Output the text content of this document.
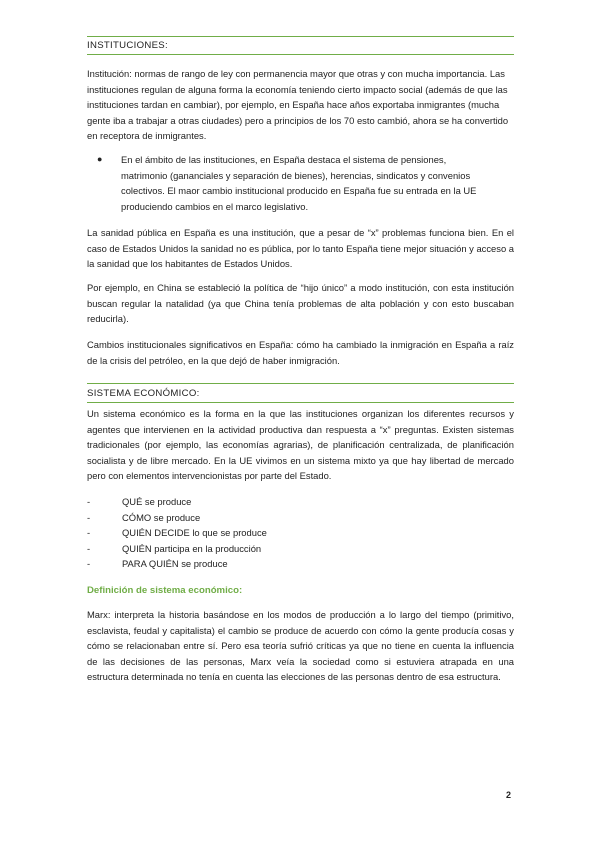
INSTITUCIONES:

Institución: normas de rango de ley con permanencia mayor que otras y con mucha importancia. Las instituciones regulan de alguna forma la economía teniendo cierto impacto social (además de que las instituciones tardan en cambiar), por ejemplo, en España hace años exportaba inmigrantes (mucha gente iba a trabajar a otras ciudades) pero a principios de los 70 esto cambió, ahora se ha convertido en receptora de inmigrantes.

● En el ámbito de las instituciones, en España destaca el sistema de pensiones, matrimonio (gananciales y separación de bienes), herencias, sindicatos y convenios colectivos. El maor cambio institucional producido en España fue su entrada en la UE produciendo cambios en el marco legislativo.

La sanidad pública en España es una institución, que a pesar de “x” problemas funciona bien. En el caso de Estados Unidos la sanidad no es pública, por lo tanto España tiene mejor situación y acceso a la sanidad que los habitantes de Estados Unidos.

Por ejemplo, en China se estableció la política de “hijo único” a modo institución, con esta institución buscan regular la natalidad (ya que China tenía problemas de alta población y con esto buscaban reducirla).

Cambios institucionales significativos en España: cómo ha cambiado la inmigración en España a raíz de la crisis del petróleo, en la que dejó de haber inmigración.

SISTEMA ECONÓMICO:

Un sistema económico es la forma en la que las instituciones organizan los diferentes recursos y agentes que intervienen en la actividad productiva dan respuesta a “x” preguntas. Existen sistemas tradicionales (por ejemplo, las economías agrarias), de planificación centralizada, de planificación socialista y de libre mercado. En la UE vivimos en un sistema mixto ya que hay libertad de mercado pero con elementos intervencionistas por parte del Estado.

-	QUÉ se produce
-	CÓMO se produce
-	QUIÉN DECIDE lo que se produce
-	QUIÉN participa en la producción
-	PARA QUIÉN se produce
Definición de sistema económico:

Marx: interpreta la historia basándose en los modos de producción a lo largo del tiempo (primitivo, esclavista, feudal y capitalista) el cambio se produce de acuerdo con cómo la gente producía cosas y cómo se relacionaban entre sí. Pero esa teoría sufrió críticas ya que no tiene en cuenta la influencia de las decisiones de las personas, Marx veía la sociedad como si estuviera atrapada en una estructura determinada no tenía en cuenta las elecciones de las personas dentro de esa estructura.

2
